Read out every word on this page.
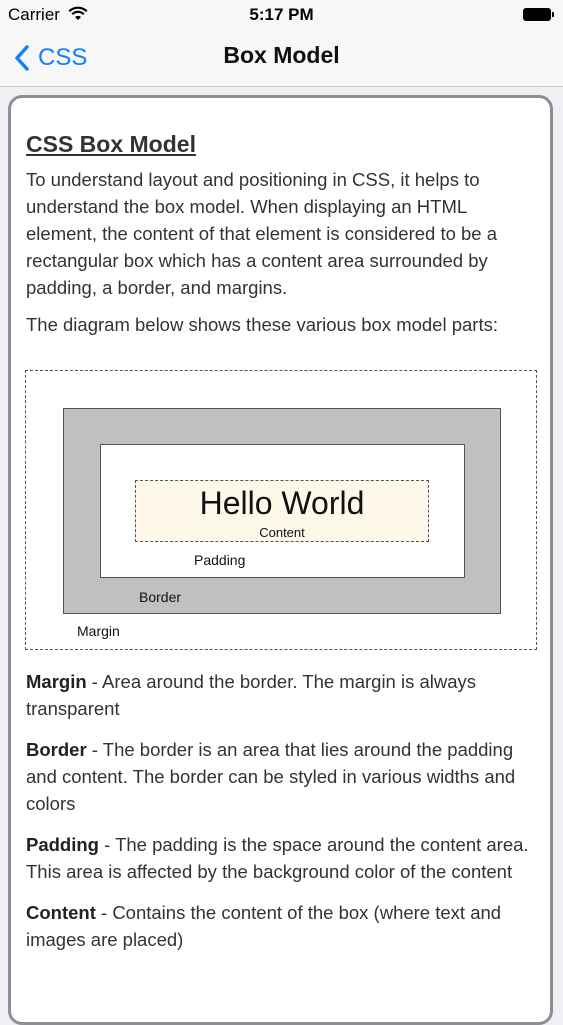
Carrier	5:17 PM
CSS	Box Model
CSS Box Model

To understand layout and positioning in CSS, it helps to understand the box model. When displaying an HTML element, the content of that element is considered to be a rectangular box which has a content area surrounded by padding, a border, and margins.

The diagram below shows these various box model parts:

Hello World
Content
Padding
Border
Margin

Margin - Area around the border. The margin is always transparent

Border - The border is an area that lies around the padding and content. The border can be styled in various widths and colors

Padding - The padding is the space around the content area. This area is affected by the background color of the content

Content - Contains the content of the box (where text and images are placed)
